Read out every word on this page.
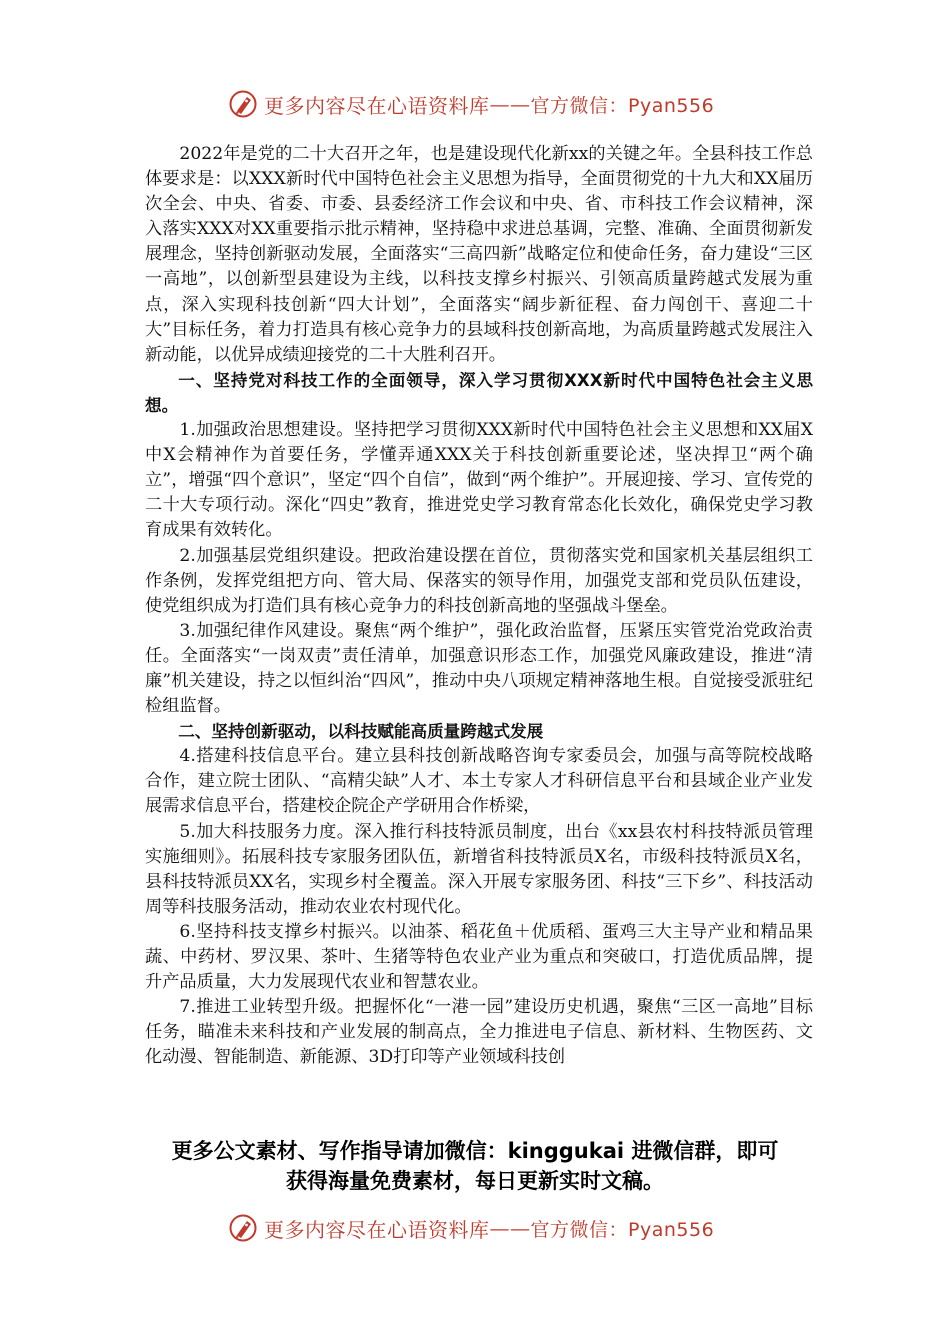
更多内容尽在心语资料库 —— 官方微信：Pyan556

2022年是党的二十大召开之年，也是建设现代化新xx的关键之年。全县科技工作总体要求是：以XXX新时代中国特色社会主义思想为指导，全面贯彻党的十九大和XX届历次全会、中央、省委、市委、县委经济工作会议和中央、省、市科技工作会议精神，深入落实XXX对XX重要指示批示精神，坚持稳中求进总基调，完整、准确、全面贯彻新发展理念，坚持创新驱动发展，全面落实“三高四新”战略定位和使命任务，奋力建设“三区一高地”，以创新型县建设为主线，以科技支撑乡村振兴、引领高质量跨越式发展为重点，深入实现科技创新“四大计划”，全面落实“阔步新征程、奋力闯创干、喜迎二十大”目标任务，着力打造具有核心竞争力的县域科技创新高地，为高质量跨越式发展注入新动能，以优异成绩迎接党的二十大胜利召开。

一、坚持党对科技工作的全面领导，深入学习贯彻XXX新时代中国特色社会主义思想。

1.加强政治思想建设。坚持把学习贯彻XXX新时代中国特色社会主义思想和XX届X中X会精神作为首要任务，学懂弄通XXX关于科技创新重要论述，坚决捍卫“两个确立”，增强“四个意识”，坚定“四个自信”，做到“两个维护”。开展迎接、学习、宣传党的二十大专项行动。深化“四史”教育，推进党史学习教育常态化长效化，确保党史学习教育成果有效转化。

2.加强基层党组织建设。把政治建设摆在首位，贯彻落实党和国家机关基层组织工作条例，发挥党组把方向、管大局、保落实的领导作用，加强党支部和党员队伍建设，使党组织成为打造们具有核心竞争力的科技创新高地的坚强战斗堡垒。

3.加强纪律作风建设。聚焦“两个维护”，强化政治监督，压紧压实管党治党政治责任。全面落实“一岗双责”责任清单，加强意识形态工作，加强党风廉政建设，推进“清廉”机关建设，持之以恒纠治“四风”，推动中央八项规定精神落地生根。自觉接受派驻纪检组监督。

二、坚持创新驱动，以科技赋能高质量跨越式发展

4.搭建科技信息平台。建立县科技创新战略咨询专家委员会，加强与高等院校战略合作，建立院士团队、“高精尖缺”人才、本土专家人才科研信息平台和县域企业产业发展需求信息平台，搭建校企院企产学研用合作桥梁，

5.加大科技服务力度。深入推行科技特派员制度，出台《xx县农村科技特派员管理实施细则》。拓展科技专家服务团队伍，新增省科技特派员X名，市级科技特派员X名，县科技特派员XX名，实现乡村全覆盖。深入开展专家服务团、科技“三下乡”、科技活动周等科技服务活动，推动农业农村现代化。

6.坚持科技支撑乡村振兴。以油茶、稻花鱼＋优质稻、蛋鸡三大主导产业和精品果蔬、中药材、罗汉果、茶叶、生猪等特色农业产业为重点和突破口，打造优质品牌，提升产品质量，大力发展现代农业和智慧农业。

7.推进工业转型升级。把握怀化“一港一园”建设历史机遇，聚焦“三区一高地”目标任务，瞄准未来科技和产业发展的制高点，全力推进电子信息、新材料、生物医药、文化动漫、智能制造、新能源、3D打印等产业领域科技创

更多公文素材、写作指导请加微信：kinggukai 进微信群，即可
获得海量免费素材，每日更新实时文稿。
更多内容尽在心语资料库 —— 官方微信：Pyan556
